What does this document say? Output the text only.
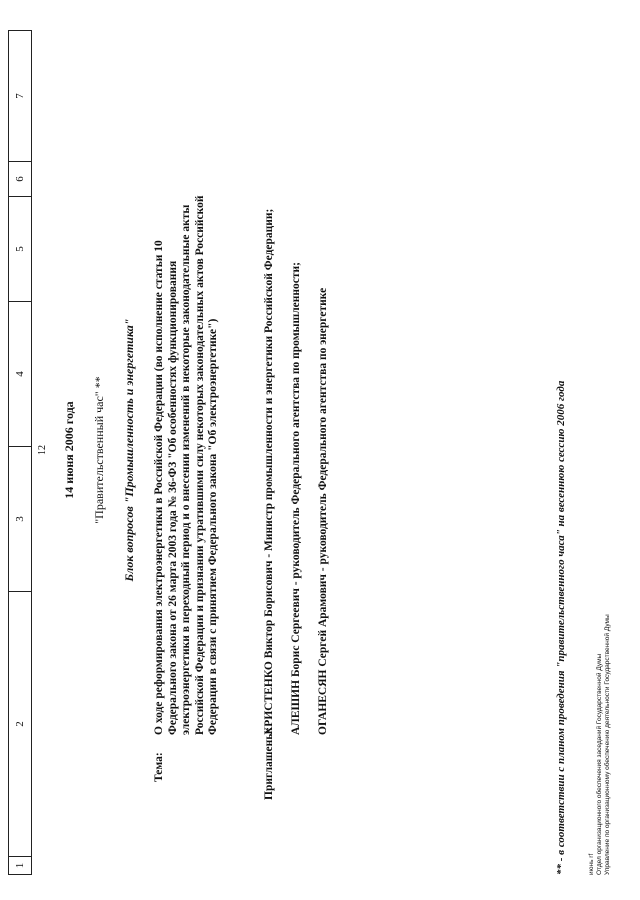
1
2
3
4
5
6
7
12 14 июня 2006 года "Правительственный час" ** Блок вопросов "Промышленность и энергетика"
Тема:
О ходе реформирования электроэнергетики в Российской Федерации (во исполнение статьи 10 Федерального закона от 26 марта 2003 года № 36-ФЗ "Об особенностях функционирования электроэнергетики в переходный период и о внесении изменений в некоторые законодательные акты Российской Федерации и признании утратившими силу некоторых законодательных актов Российской Федерации в связи с принятием Федерального закона "Об электроэнергетике")
Приглашены:
ХРИСТЕНКО Виктор Борисович - Министр промышленности и энергетики Российской Федерации;	АЛЕШИН Борис Сергеевич - руководитель Федерального агентства по промышленности;	ОГАНЕСЯН Сергей Арамович - руководитель Федерального агентства по энергетике	** - в соответствии с планом проведения "правительственного часа" на весеннюю сессию 2006 года	июнь rf Отдел организационного обеспечения заседаний Государственной Думы Управление по организационному обеспечению деятельности Государственной Думы
